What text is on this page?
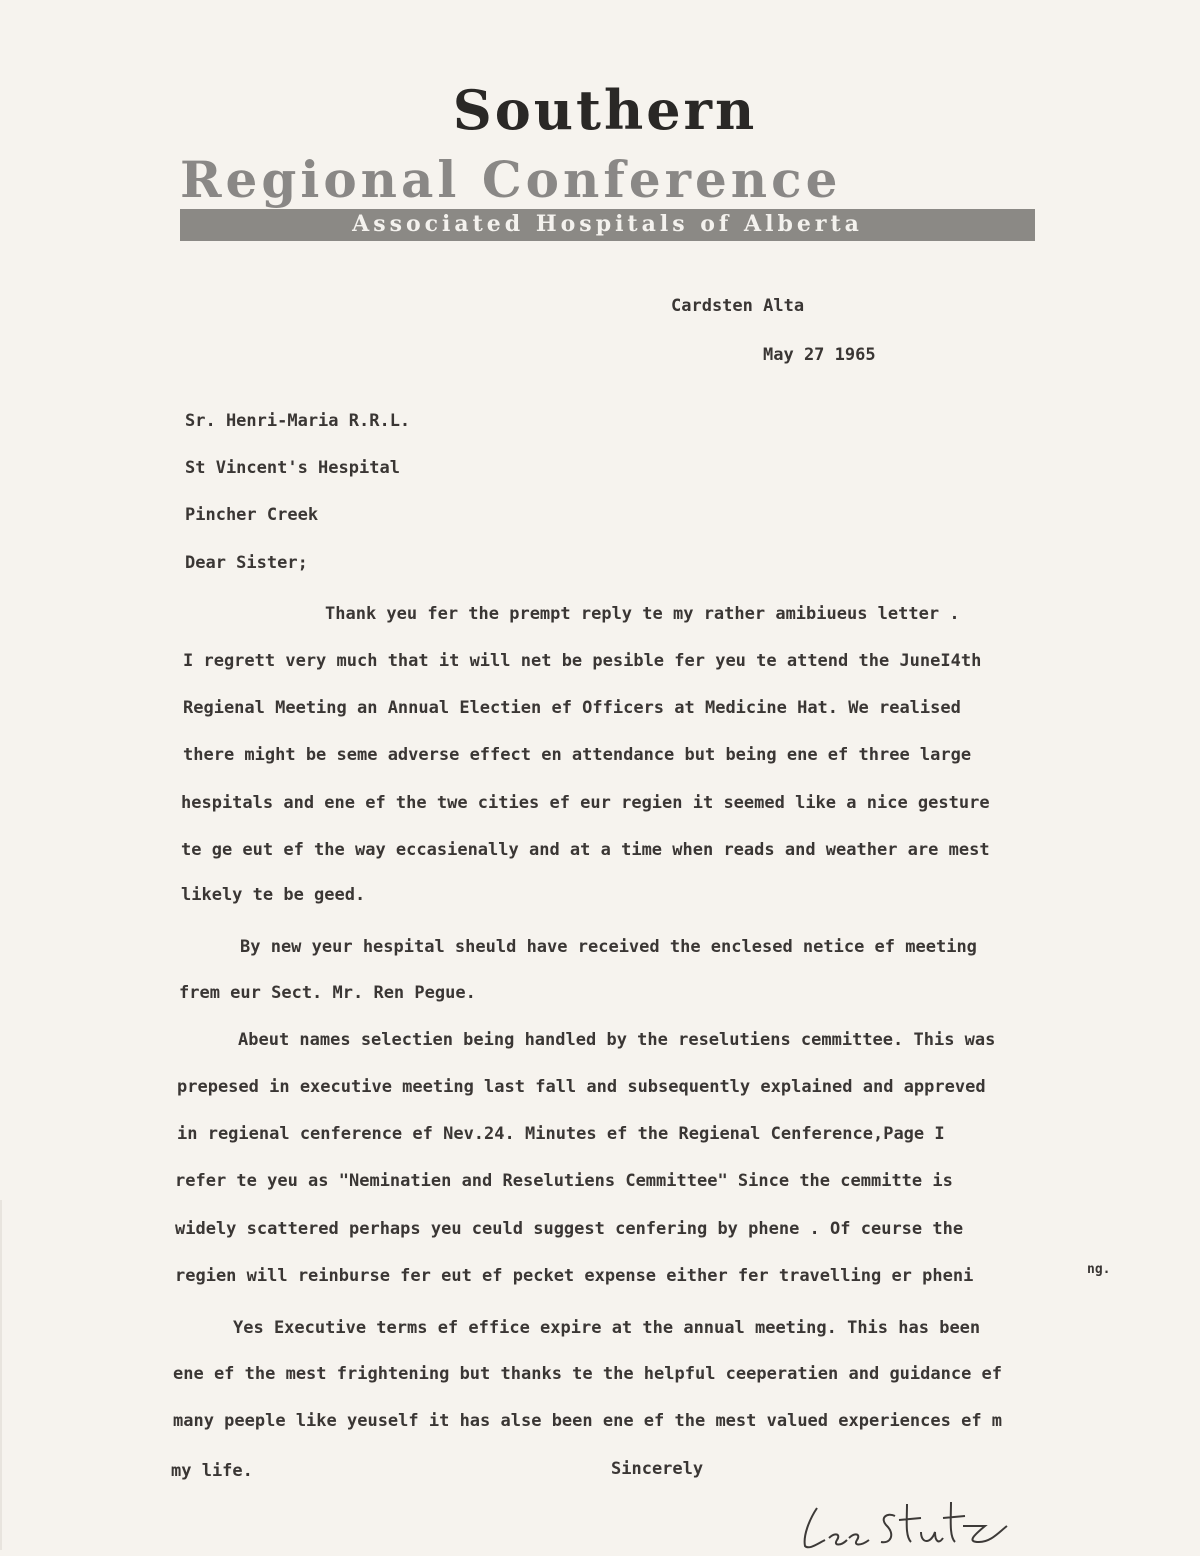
Southern
Regional Conference
Associated Hospitals of Alberta
Cardsten Alta
May 27 1965
Sr. Henri-Maria R.R.L.
St Vincent's Hespital
Pincher Creek
Dear Sister;
Thank yeu fer the prempt reply te my rather amibiueus letter .
I regrett very much that it will net be pesible fer yeu te attend the JuneI4th
Regienal Meeting an Annual Electien ef Officers at Medicine Hat. We realised
there might be seme adverse effect en attendance but being ene ef three large
hespitals and ene ef the twe cities ef eur regien it seemed like a nice gesture
te ge eut ef the way eccasienally and at a time when reads and weather are mest
likely te be geed.
By new yeur hespital sheuld have received the enclesed netice ef meeting
frem eur Sect. Mr. Ren Pegue.
Abeut names selectien being handled by the reselutiens cemmittee. This was
prepesed in executive meeting last fall and subsequently explained and appreved
in regienal cenference ef Nev.24. Minutes ef the Regienal Cenference,Page I
refer te yeu as "Neminatien and Reselutiens Cemmittee" Since the cemmitte is
widely scattered perhaps yeu ceuld suggest cenfering by phene . Of ceurse the
regien will reinburse fer eut ef pecket expense either fer travelling er pheni	ng.
Yes Executive terms ef effice expire at the annual meeting. This has been
ene ef the mest frightening but thanks te the helpful ceeperatien and guidance ef
many peeple like yeuself it has alse been ene ef the mest valued experiences ef m
my life.	Sincerely
